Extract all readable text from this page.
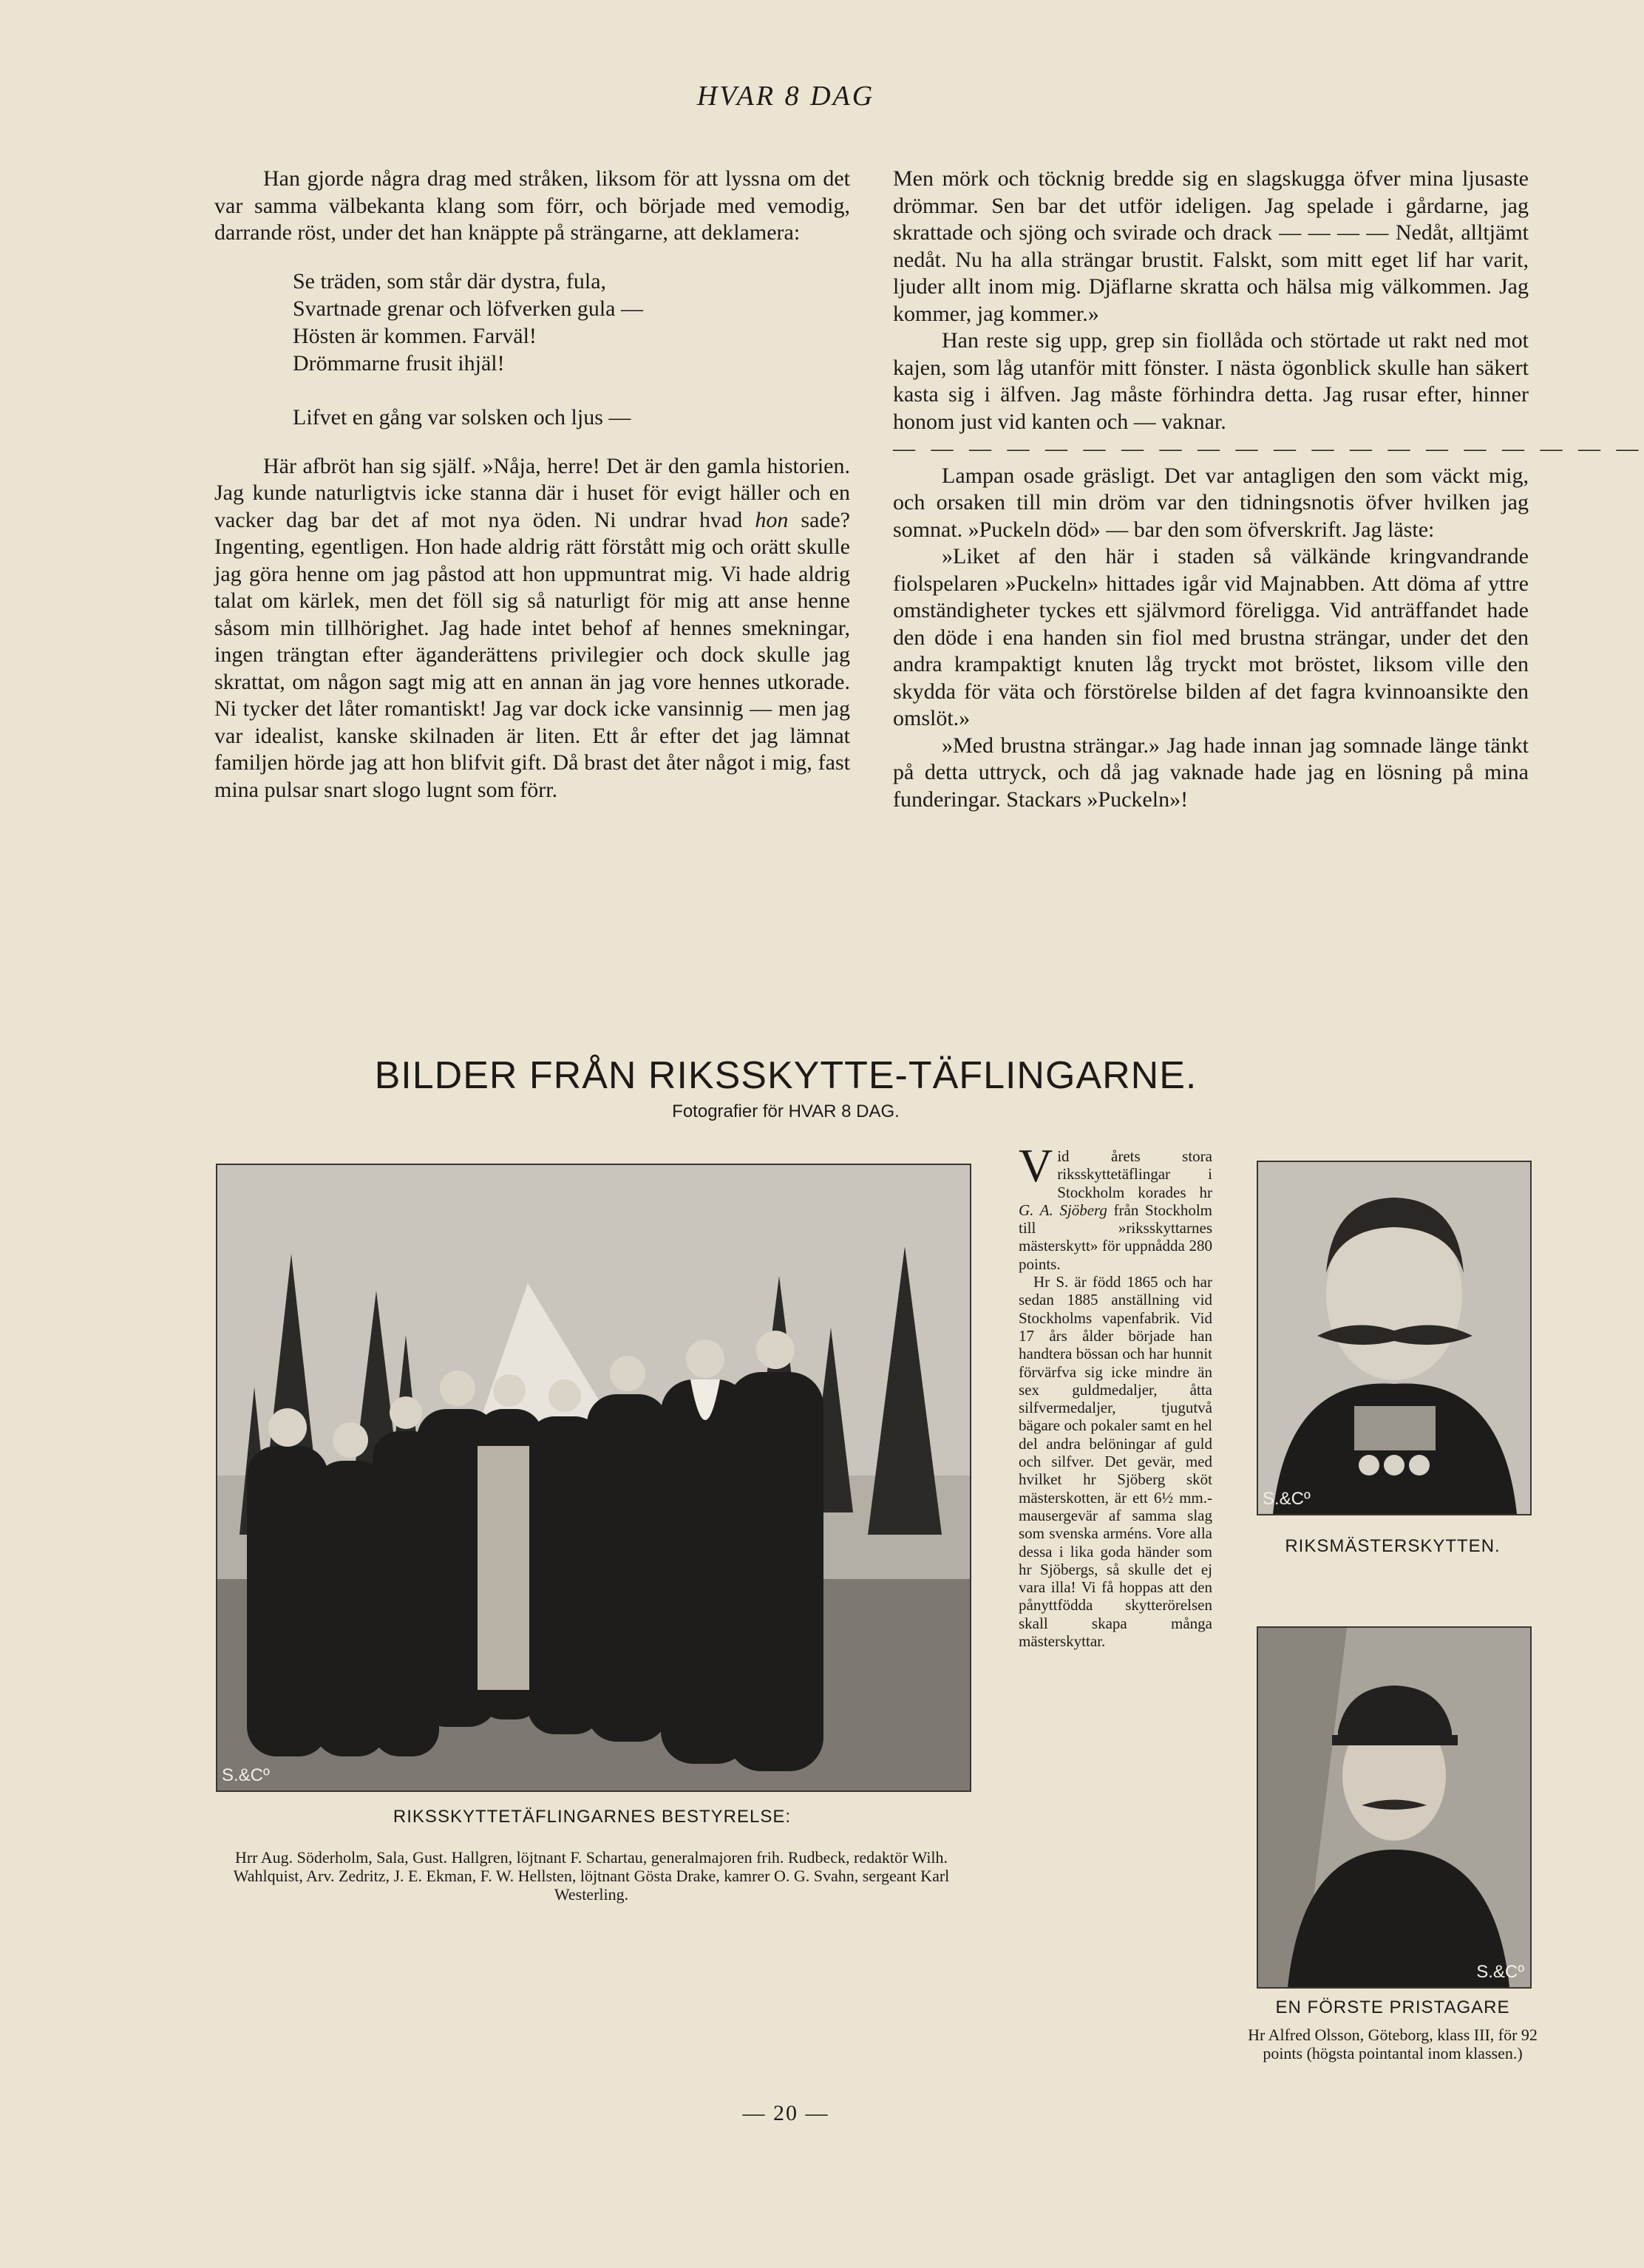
HVAR 8 DAG

Han gjorde några drag med stråken, liksom för att lyssna om det var samma välbekanta klang som förr, och började med vemodig, darrande röst, under det han knäppte på strängarne, att deklamera:

Se träden, som står där dystra, fula,
Svartnade grenar och löfverken gula —
Hösten är kommen. Farväl!
Drömmarne frusit ihjäl!
Lifvet en gång var solsken och ljus —

Här afbröt han sig själf. »Nåja, herre! Det är den gamla historien. Jag kunde naturligtvis icke stanna där i huset för evigt häller och en vacker dag bar det af mot nya öden. Ni undrar hvad hon sade? Ingenting, egentligen. Hon hade aldrig rätt förstått mig och orätt skulle jag göra henne om jag påstod att hon uppmuntrat mig. Vi hade aldrig talat om kärlek, men det föll sig så naturligt för mig att anse henne såsom min tillhörighet. Jag hade intet behof af hennes smekningar, ingen trängtan efter äganderättens privilegier och dock skulle jag skrattat, om någon sagt mig att en annan än jag vore hennes utkorade. Ni tycker det låter romantiskt! Jag var dock icke vansinnig — men jag var idealist, kanske skilnaden är liten. Ett år efter det jag lämnat familjen hörde jag att hon blifvit gift. Då brast det åter något i mig, fast mina pulsar snart slogo lugnt som förr.

Men mörk och töcknig bredde sig en slagskugga öfver mina ljusaste drömmar. Sen bar det utför ideligen. Jag spelade i gårdarne, jag skrattade och sjöng och svirade och drack — — — — Nedåt, alltjämt nedåt. Nu ha alla strängar brustit. Falskt, som mitt eget lif har varit, ljuder allt inom mig. Djäflarne skratta och hälsa mig välkommen. Jag kommer, jag kommer.»

Han reste sig upp, grep sin fiollåda och störtade ut rakt ned mot kajen, som låg utanför mitt fönster. I nästa ögonblick skulle han säkert kasta sig i älfven. Jag måste förhindra detta. Jag rusar efter, hinner honom just vid kanten och — vaknar.

— — — — — — — — — — — — — — — — — — — —

Lampan osade gräsligt. Det var antagligen den som väckt mig, och orsaken till min dröm var den tidningsnotis öfver hvilken jag somnat. »Puckeln död» — bar den som öfverskrift. Jag läste:

»Liket af den här i staden så välkände kringvandrande fiolspelaren »Puckeln» hittades igår vid Majnabben. Att döma af yttre omständigheter tyckes ett självmord föreligga. Vid anträffandet hade den döde i ena handen sin fiol med brustna strängar, under det den andra krampaktigt knuten låg tryckt mot bröstet, liksom ville den skydda för väta och förstörelse bilden af det fagra kvinnoansikte den omslöt.»

»Med brustna strängar.» Jag hade innan jag somnade länge tänkt på detta uttryck, och då jag vaknade hade jag en lösning på mina funderingar. Stackars »Puckeln»!

BILDER FRÅN RIKSSKYTTE-TÄFLINGARNE.
Fotografier för HVAR 8 DAG.
S.&Cº
RIKSSKYTTETÄFLINGARNES BESTYRELSE:
Hrr Aug. Söderholm, Sala, Gust. Hallgren, löjtnant F. Schartau, generalmajoren frih. Rudbeck, redaktör Wilh. Wahlquist, Arv. Zedritz, J. E. Ekman, F. W. Hellsten, löjtnant Gösta Drake, kamrer O. G. Svahn, sergeant Karl Westerling.

Vid årets stora riksskyttetäflingar i Stockholm korades hr G. A. Sjöberg från Stockholm till »riksskyttarnes mästerskytt» för uppnådda 280 points.

Hr S. är född 1865 och har sedan 1885 anställning vid Stockholms vapenfabrik. Vid 17 års ålder började han handtera bössan och har hunnit förvärfva sig icke mindre än sex guldmedaljer, åtta silfvermedaljer, tjugutvå bägare och pokaler samt en hel del andra belöningar af guld och silfver. Det gevär, med hvilket hr Sjöberg sköt mästerskotten, är ett 6½ mm.-mausergevär af samma slag som svenska arméns. Vore alla dessa i lika goda händer som hr Sjöbergs, så skulle det ej vara illa! Vi få hoppas att den pånyttfödda skytterörelsen skall skapa många mästerskyttar.

S.&Cº
RIKSMÄSTERSKYTTEN.
S.&Cº
EN FÖRSTE PRISTAGARE
Hr Alfred Olsson, Göteborg, klass III, för 92 points (högsta pointantal inom klassen.)
— 20 —
